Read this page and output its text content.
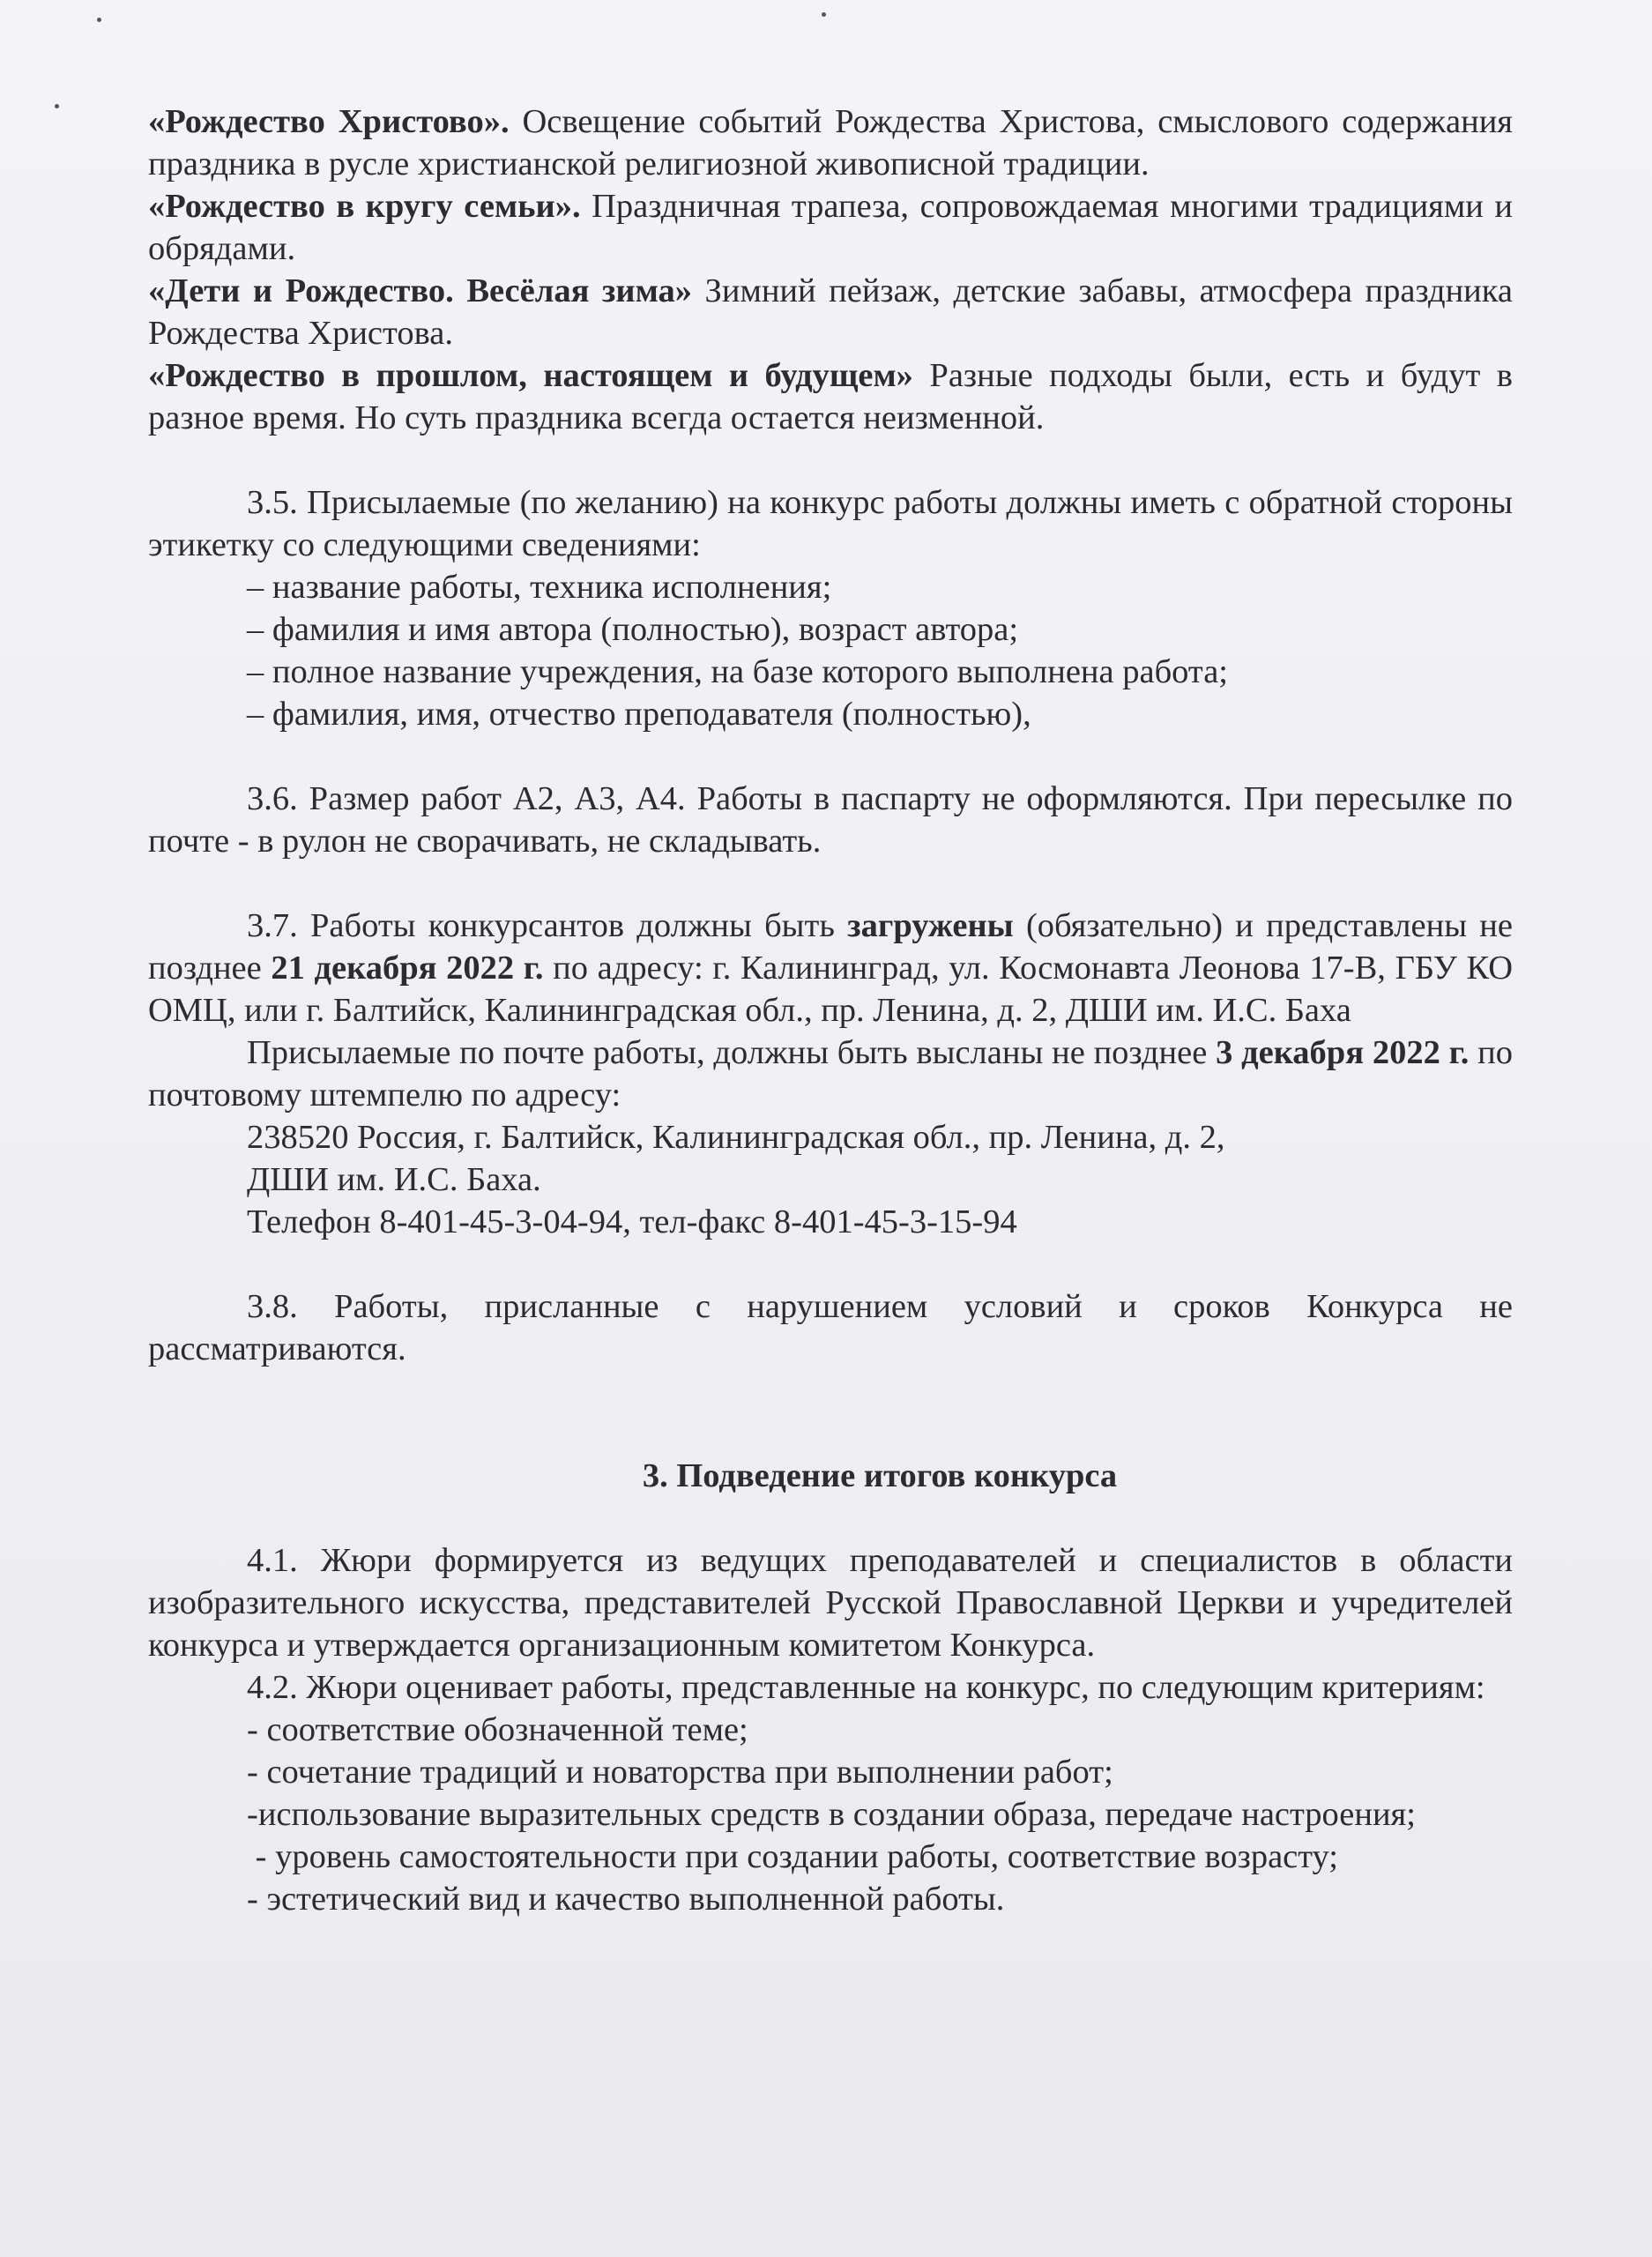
«Рождество Христово». Освещение событий Рождества Христова, смыслового содержания праздника в русле христианской религиозной живописной традиции.

«Рождество в кругу семьи». Праздничная трапеза, сопровождаемая многими традициями и обрядами.

«Дети и Рождество. Весёлая зима» Зимний пейзаж, детские забавы, атмосфера праздника Рождества Христова.

«Рождество в прошлом, настоящем и будущем» Разные подходы были, есть и будут в разное время. Но суть праздника всегда остается неизменной.

3.5. Присылаемые (по желанию) на конкурс работы должны иметь с обратной стороны этикетку со следующими сведениями:

– название работы, техника исполнения;

– фамилия и имя автора (полностью), возраст автора;

– полное название учреждения, на базе которого выполнена работа;

– фамилия, имя, отчество преподавателя (полностью),

3.6. Размер работ А2, А3, А4. Работы в паспарту не оформляются. При пересылке по почте - в рулон не сворачивать, не складывать.

3.7. Работы конкурсантов должны быть загружены (обязательно) и представлены не позднее 21 декабря 2022 г. по адресу: г. Калининград, ул. Космонавта Леонова 17-В, ГБУ КО ОМЦ, или г. Балтийск, Калининградская обл., пр. Ленина, д. 2, ДШИ им. И.С. Баха

Присылаемые по почте работы, должны быть высланы не позднее 3 декабря 2022 г. по почтовому штемпелю по адресу:

238520 Россия, г. Балтийск, Калининградская обл., пр. Ленина, д. 2,

ДШИ им. И.С. Баха.

Телефон 8-401-45-3-04-94, тел-факс 8-401-45-3-15-94

3.8. Работы, присланные с нарушением условий и сроков Конкурса не рассматриваются.

3. Подведение итогов конкурса

4.1. Жюри формируется из ведущих преподавателей и специалистов в области изобразительного искусства, представителей Русской Православной Церкви и учредителей конкурса и утверждается организационным комитетом Конкурса.

4.2. Жюри оценивает работы, представленные на конкурс, по следующим критериям:

- соответствие обозначенной теме;

- сочетание традиций и новаторства при выполнении работ;

-использование выразительных средств в создании образа, передаче настроения;

- уровень самостоятельности при создании работы, соответствие возрасту;

- эстетический вид и качество выполненной работы.
